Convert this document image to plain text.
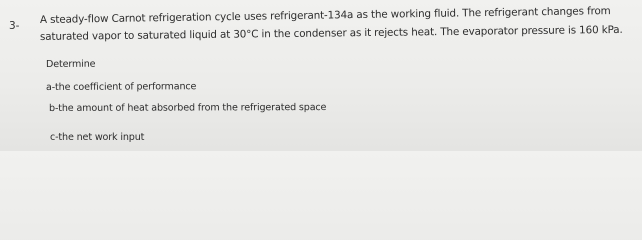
3-
A steady-flow Carnot refrigeration cycle uses refrigerant-134a as the working fluid. The refrigerant changes from
saturated vapor to saturated liquid at 30°C in the condenser as it rejects heat. The evaporator pressure is 160 kPa.
Determine
a-the coefficient of performance
b-the amount of heat absorbed from the refrigerated space
c-the net work input
